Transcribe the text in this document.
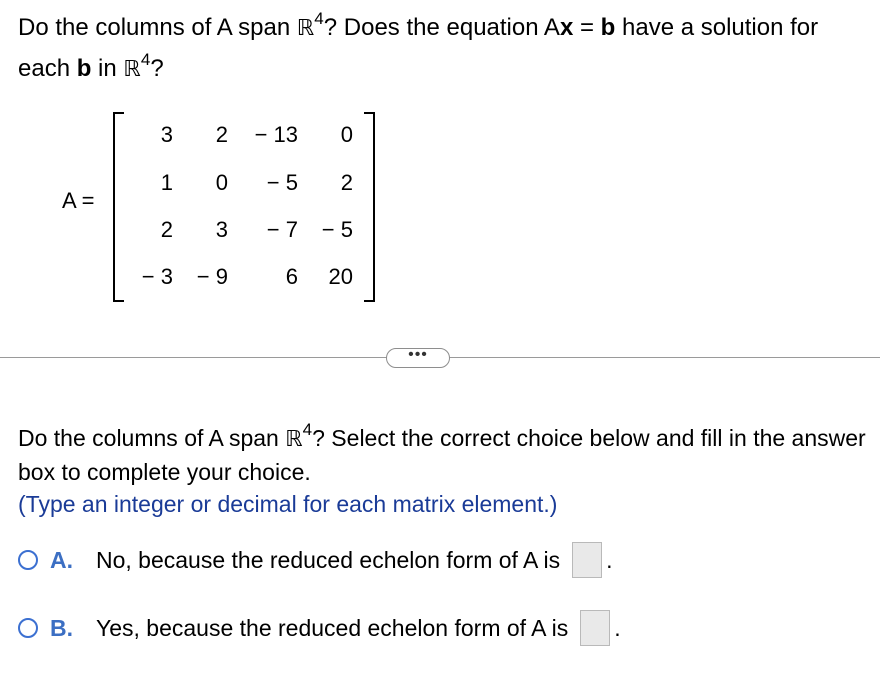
Do the columns of A span ℝ$^4$? Does the equation Ax = b have a solution for each b in ℝ$^4$?
A =
3	2	− 13	0
1	0	− 5	2
2	3	− 7	− 5
− 3	− 9	6	20
•••
Do the columns of A span ℝ$^4$? Select the correct choice below and fill in the answer box to complete your choice.
(Type an integer or decimal for each matrix element.)
A. No, because the reduced echelon form of A is .
B. Yes, because the reduced echelon form of A is .
